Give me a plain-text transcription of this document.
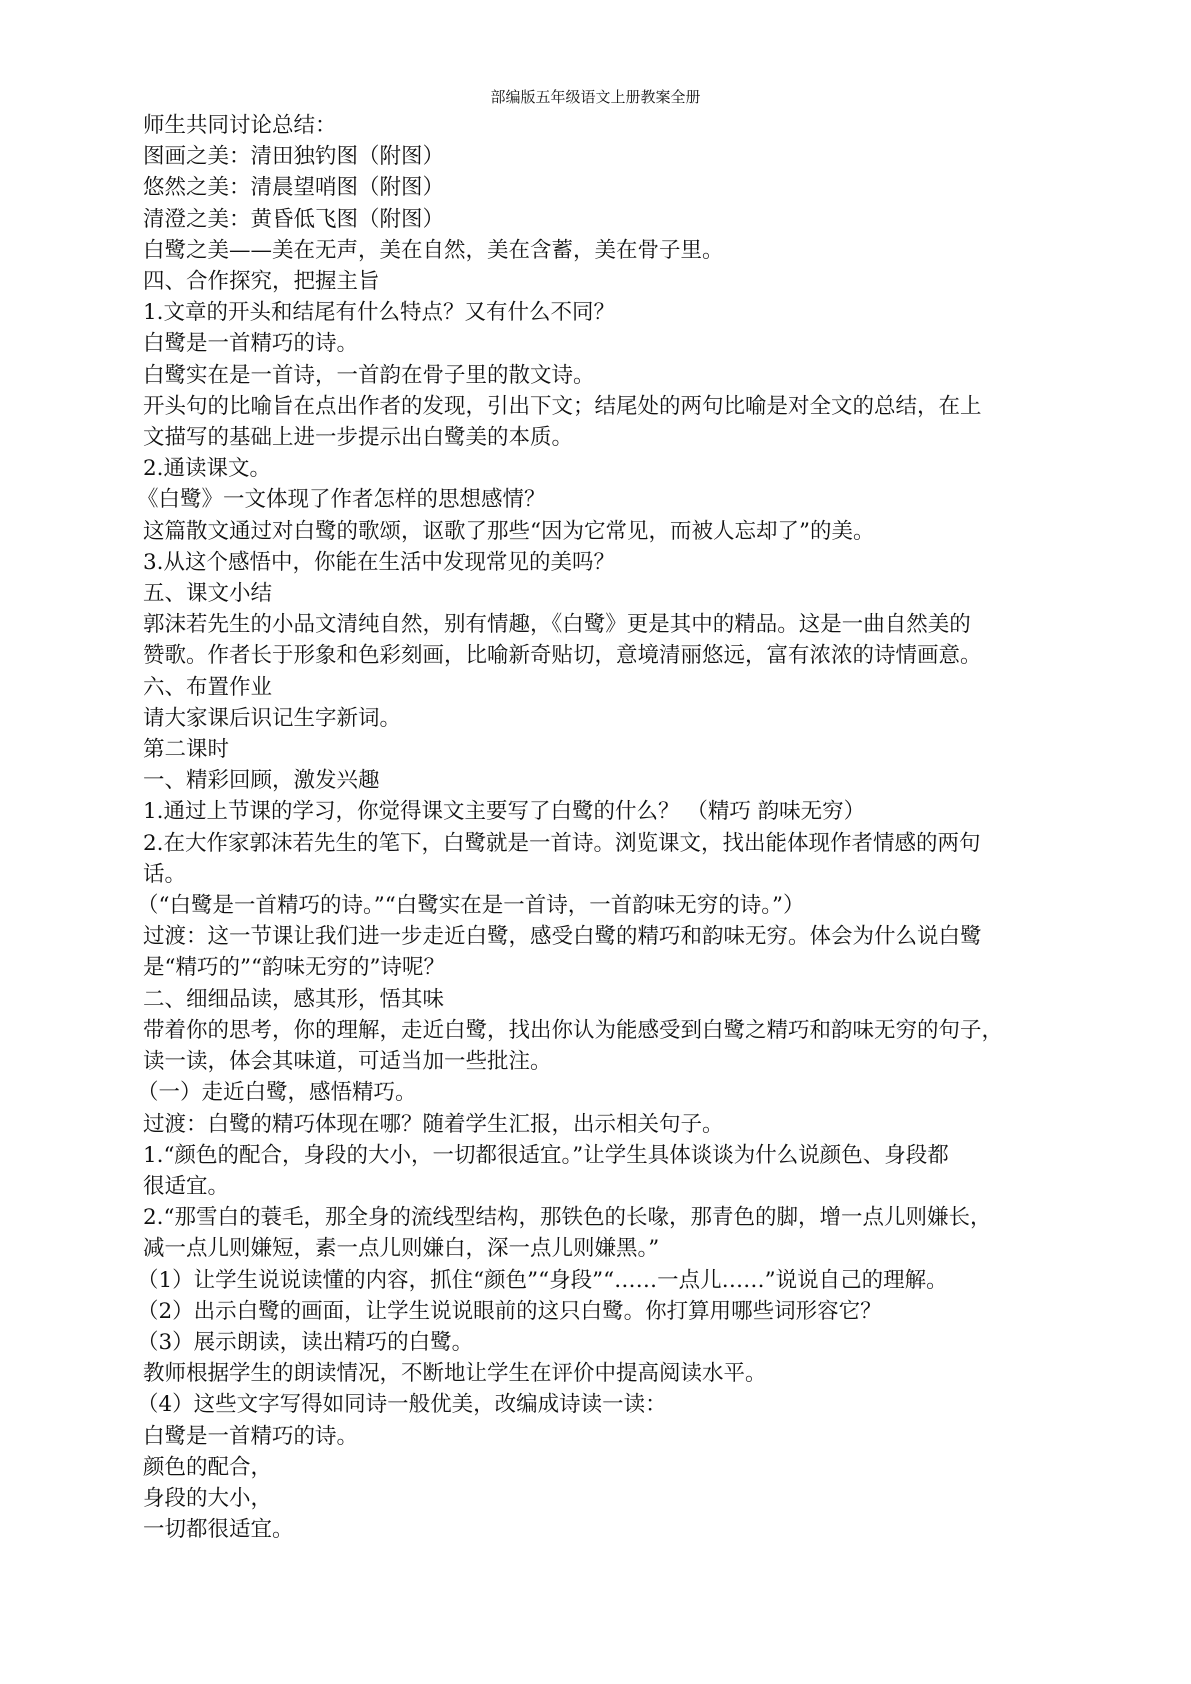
部编版五年级语文上册教案全册

师生共同讨论总结：

图画之美：清田独钓图（附图）

悠然之美：清晨望哨图（附图）

清澄之美：黄昏低飞图（附图）

白鹭之美——美在无声，美在自然，美在含蓄，美在骨子里。

四、合作探究，把握主旨

1.文章的开头和结尾有什么特点？又有什么不同？

白鹭是一首精巧的诗。

白鹭实在是一首诗，一首韵在骨子里的散文诗。

开头句的比喻旨在点出作者的发现，引出下文；结尾处的两句比喻是对全文的总结，在上

文描写的基础上进一步提示出白鹭美的本质。

2.通读课文。

《白鹭》一文体现了作者怎样的思想感情？

这篇散文通过对白鹭的歌颂，讴歌了那些“因为它常见，而被人忘却了”的美。

3.从这个感悟中，你能在生活中发现常见的美吗？

五、课文小结

郭沫若先生的小品文清纯自然，别有情趣，《白鹭》更是其中的精品。这是一曲自然美的

赞歌。作者长于形象和色彩刻画，比喻新奇贴切，意境清丽悠远，富有浓浓的诗情画意。

六、布置作业

请大家课后识记生字新词。

第二课时

一、精彩回顾，激发兴趣

1.通过上节课的学习，你觉得课文主要写了白鹭的什么？ （精巧 韵味无穷）

2.在大作家郭沫若先生的笔下，白鹭就是一首诗。浏览课文，找出能体现作者情感的两句

话。

（“白鹭是一首精巧的诗。”“白鹭实在是一首诗，一首韵味无穷的诗。”）

过渡：这一节课让我们进一步走近白鹭，感受白鹭的精巧和韵味无穷。体会为什么说白鹭

是“精巧的”“韵味无穷的”诗呢？

二、细细品读，感其形，悟其味

带着你的思考，你的理解，走近白鹭，找出你认为能感受到白鹭之精巧和韵味无穷的句子，

读一读，体会其味道，可适当加一些批注。

（一）走近白鹭，感悟精巧。

过渡：白鹭的精巧体现在哪？随着学生汇报，出示相关句子。

1.“颜色的配合，身段的大小，一切都很适宜。”让学生具体谈谈为什么说颜色、身段都

很适宜。

2.“那雪白的蓑毛，那全身的流线型结构，那铁色的长喙，那青色的脚，增一点儿则嫌长，

减一点儿则嫌短，素一点儿则嫌白，深一点儿则嫌黑。”

（1）让学生说说读懂的内容，抓住“颜色”“身段”“……一点儿……”说说自己的理解。

（2）出示白鹭的画面，让学生说说眼前的这只白鹭。你打算用哪些词形容它？

（3）展示朗读，读出精巧的白鹭。

教师根据学生的朗读情况，不断地让学生在评价中提高阅读水平。

（4）这些文字写得如同诗一般优美，改编成诗读一读：

白鹭是一首精巧的诗。

颜色的配合，

身段的大小，

一切都很适宜。
